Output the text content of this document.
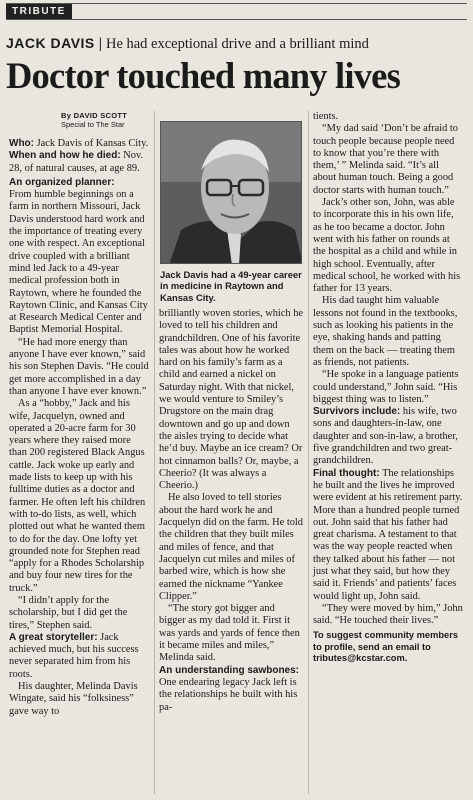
TRIBUTE
JACK DAVIS | He had exceptional drive and a brilliant mind
Doctor touched many lives
By DAVID SCOTT
Special to The Star

Who: Jack Davis of Kansas City.

When and how he died: Nov. 28, of natural causes, at age 89.

An organized planner:

From humble beginnings on a farm in northern Missouri, Jack Davis understood hard work and the importance of treating every one with respect. An exceptional drive coupled with a brilliant mind led Jack to a 49-year medical profession both in Raytown, where he founded the Raytown Clinic, and Kansas City at Research Medical Center and Baptist Memorial Hospital.

“He had more energy than anyone I have ever known,” said his son Stephen Davis. “He could get more accomplished in a day than anyone I have ever known.”

As a “hobby,” Jack and his wife, Jacquelyn, owned and operated a 20-acre farm for 30 years where they raised more than 200 registered Black Angus cattle. Jack woke up early and made lists to keep up with his fulltime duties as a doctor and farmer. He often left his children with to-do lists, as well, which plotted out what he wanted them to do for the day. One lofty yet grounded note for Stephen read “apply for a Rhodes Scholarship and buy four new tires for the truck.”

“I didn’t apply for the scholarship, but I did get the tires,” Stephen said.

A great storyteller: Jack achieved much, but his success never separated him from his roots.

His daughter, Melinda Davis Wingate, said his “folksiness” gave way to

Jack Davis had a 49-year career in medicine in Raytown and Kansas City.

brilliantly woven stories, which he loved to tell his children and grandchildren. One of his favorite tales was about how he worked hard on his family’s farm as a child and earned a nickel on Saturday night. With that nickel, we would venture to Smiley’s Drugstore on the main drag downtown and go up and down the aisles trying to decide what he’d buy. Maybe an ice cream? Or hot cinnamon balls? Or, maybe, a Cheerio? (It was always a Cheerio.)

He also loved to tell stories about the hard work he and Jacquelyn did on the farm. He told the children that they built miles and miles of fence, and that Jacquelyn cut miles and miles of barbed wire, which is how she earned the nickname “Yankee Clipper.”

“The story got bigger and bigger as my dad told it. First it was yards and yards of fence then it became miles and miles,” Melinda said.

An understanding sawbones: One endearing legacy Jack left is the relationships he built with his pa-

tients.

“My dad said ‘Don’t be afraid to touch people because people need to know that you’re there with them,’ ” Melinda said. “It’s all about human touch. Being a good doctor starts with human touch.”

Jack’s other son, John, was able to incorporate this in his own life, as he too became a doctor. John went with his father on rounds at the hospital as a child and while in high school. Eventually, after medical school, he worked with his father for 13 years.

His dad taught him valuable lessons not found in the textbooks, such as looking his patients in the eye, shaking hands and patting them on the back — treating them as friends, not patients.

“He spoke in a language patients could understand,” John said. “His biggest thing was to listen.”

Survivors include: his wife, two sons and daughters-in-law, one daughter and son-in-law, a brother, five grandchildren and two great-grandchildren.

Final thought: The relationships he built and the lives he improved were evident at his retirement party. More than a hundred people turned out. John said that his father had great charisma. A testament to that was the way people reacted when they talked about his father — not just what they said, but how they said it. Friends’ and patients’ faces would light up, John said.

“They were moved by him,” John said. “He touched their lives.”

To suggest community members to profile, send an email to tributes@kcstar.com.
